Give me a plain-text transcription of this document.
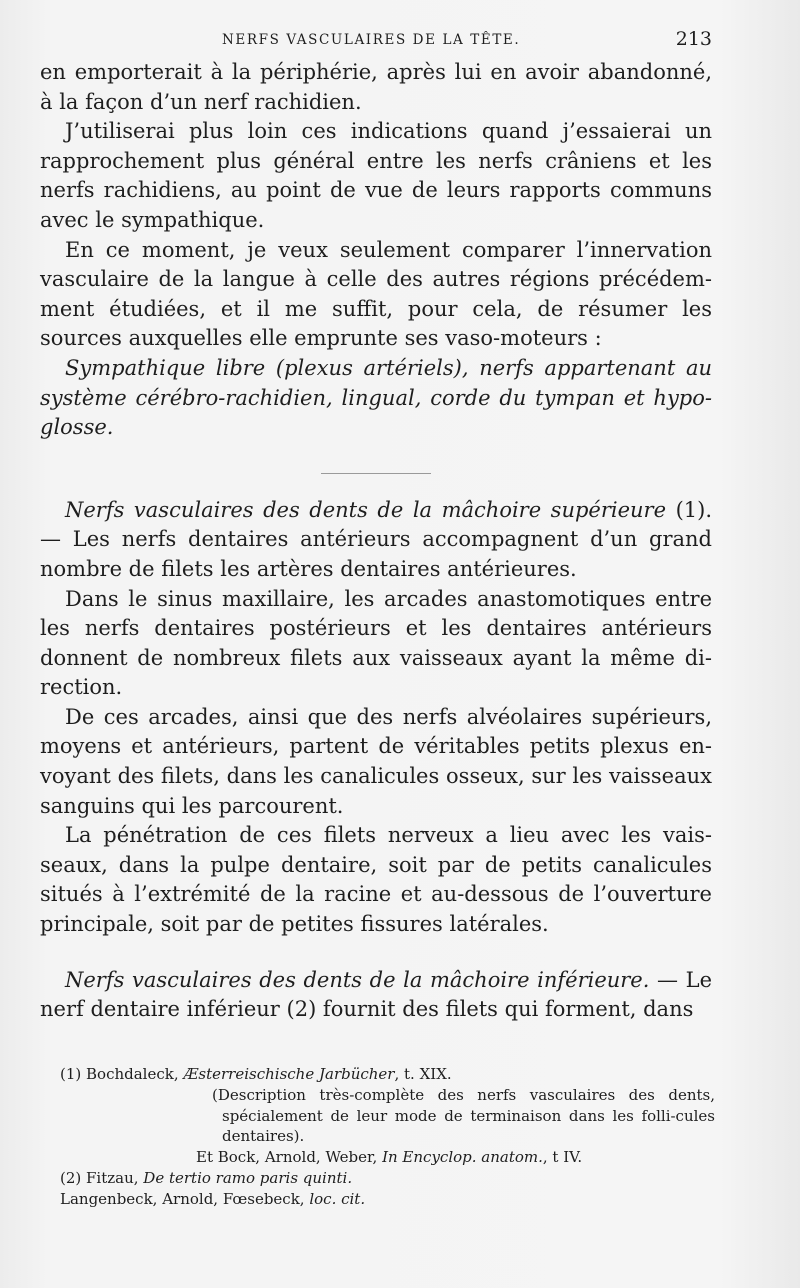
NERFS VASCULAIRES DE LA TÊTE.	213

en emporterait à la périphérie, après lui en avoir abandonné, à la façon d’un nerf rachidien.

J’utiliserai plus loin ces indications quand j’essaierai un rapprochement plus général entre les nerfs crâniens et les nerfs rachidiens, au point de vue de leurs rapports communs avec le sympathique.

En ce moment, je veux seulement comparer l’innervation vasculaire de la langue à celle des autres régions précédem-ment étudiées, et il me suffit, pour cela, de résumer les sources auxquelles elle emprunte ses vaso-moteurs :

Sympathique libre (plexus artériels), nerfs appartenant au système cérébro-rachidien, lingual, corde du tympan et hypo-glosse.

Nerfs vasculaires des dents de la mâchoire supérieure (1). — Les nerfs dentaires antérieurs accompagnent d’un grand nombre de filets les artères dentaires antérieures.

Dans le sinus maxillaire, les arcades anastomotiques entre les nerfs dentaires postérieurs et les dentaires antérieurs donnent de nombreux filets aux vaisseaux ayant la même di-rection.

De ces arcades, ainsi que des nerfs alvéolaires supérieurs, moyens et antérieurs, partent de véritables petits plexus en-voyant des filets, dans les canalicules osseux, sur les vaisseaux sanguins qui les parcourent.

La pénétration de ces filets nerveux a lieu avec les vais-seaux, dans la pulpe dentaire, soit par de petits canalicules situés à l’extrémité de la racine et au-dessous de l’ouverture principale, soit par de petites fissures latérales.

Nerfs vasculaires des dents de la mâchoire inférieure. — Le nerf dentaire inférieur (2) fournit des filets qui forment, dans

(1) Bochdaleck, Æsterreischische Jarbücher, t. XIX.
(Description très-complète des nerfs vasculaires des dents, spécialement de leur mode de terminaison dans les folli-cules dentaires).
Et Bock, Arnold, Weber, In Encyclop. anatom., t IV.
(2) Fitzau, De tertio ramo paris quinti.
Langenbeck, Arnold, Fœsebeck, loc. cit.
